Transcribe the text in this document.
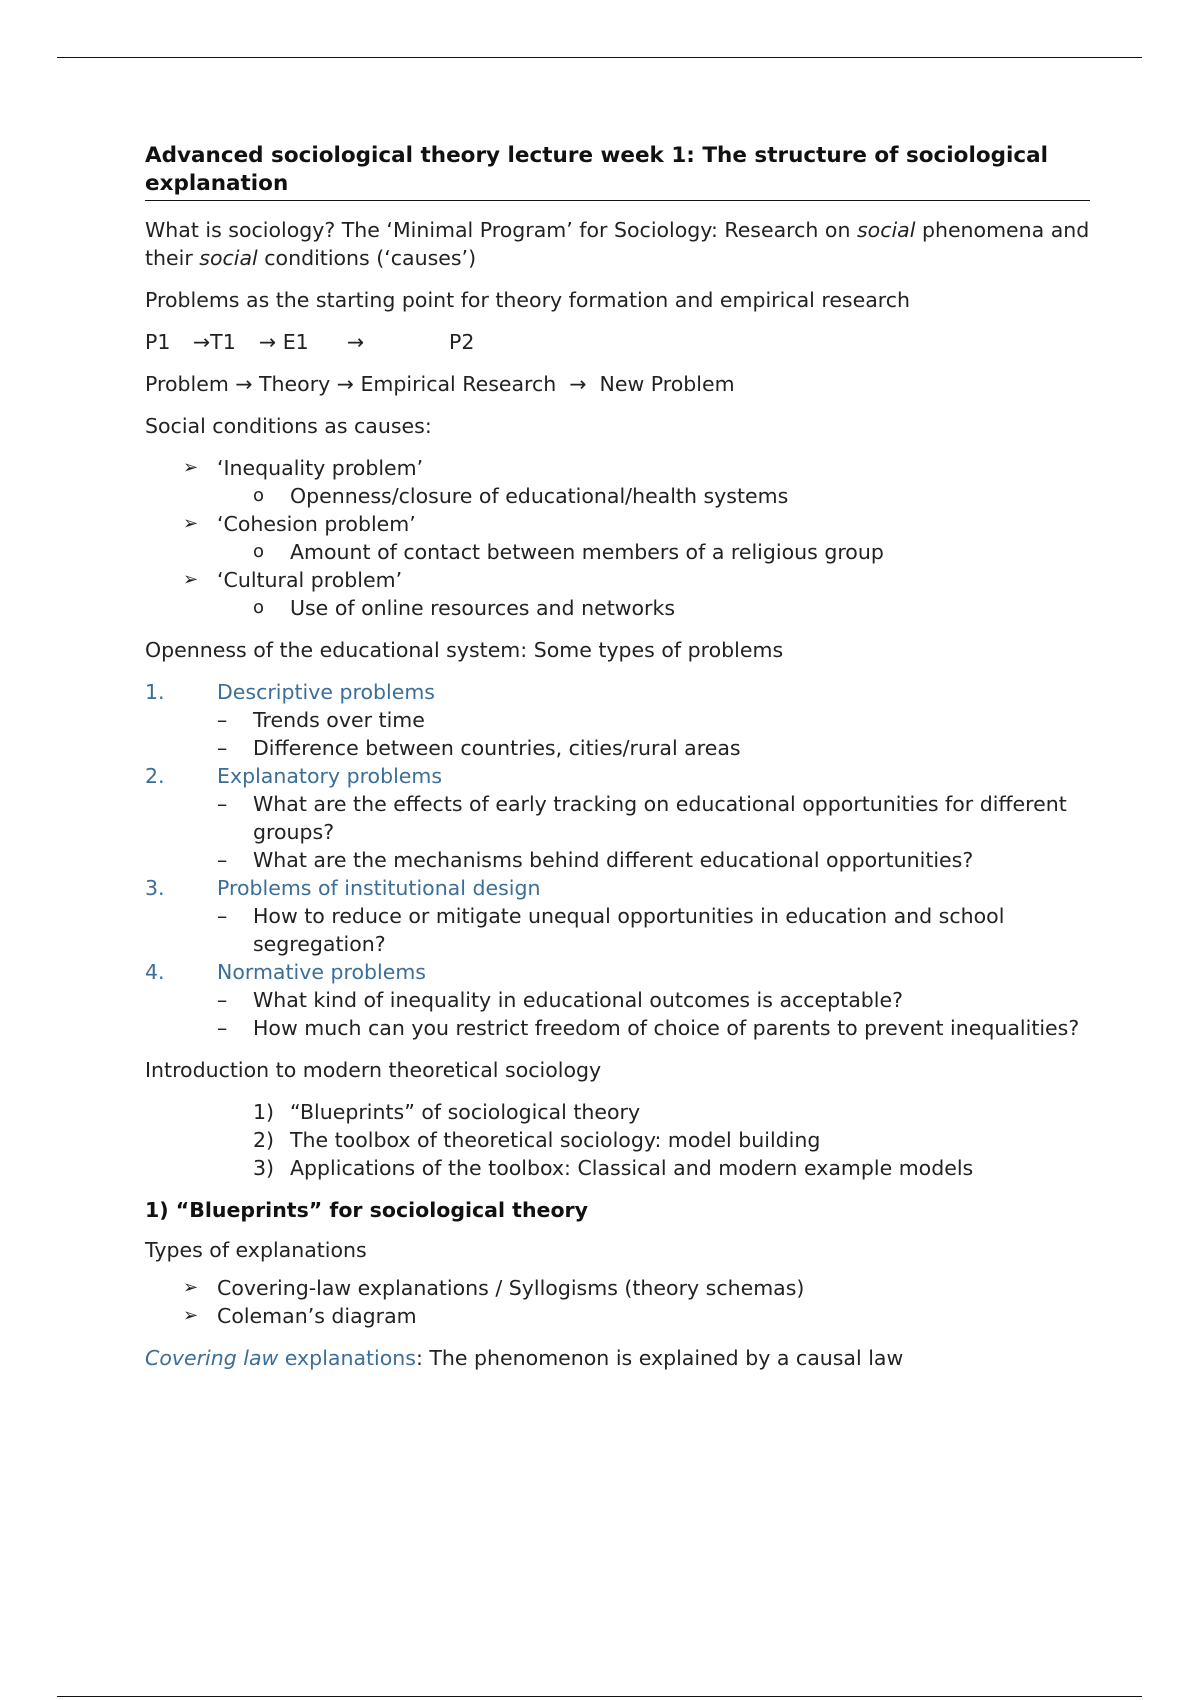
Advanced sociological theory lecture week 1: The structure of sociological explanation

What is sociology? The ‘Minimal Program’ for Sociology: Research on social phenomena and their social conditions (‘causes’)

Problems as the starting point for theory formation and empirical research

P1 →T1 → E1 →	P2

Problem → Theory → Empirical Research  →  New Problem

Social conditions as causes:

➢ ‘Inequality problem’
o Openness/closure of educational/health systems
➢ ‘Cohesion problem’
o Amount of contact between members of a religious group
➢ ‘Cultural problem’
o Use of online resources and networks

Openness of the educational system: Some types of problems

1.	Descriptive problems
– Trends over time
– Difference between countries, cities/rural areas
2.	Explanatory problems
– What are the effects of early tracking on educational opportunities for different groups?
– What are the mechanisms behind different educational opportunities?
3.	Problems of institutional design
– How to reduce or mitigate unequal opportunities in education and school segregation?
4.	Normative problems
– What kind of inequality in educational outcomes is acceptable?
– How much can you restrict freedom of choice of parents to prevent inequalities?

Introduction to modern theoretical sociology

1) “Blueprints” of sociological theory
2) The toolbox of theoretical sociology: model building
3) Applications of the toolbox: Classical and modern example models
1) “Blueprints” for sociological theory

Types of explanations

➢ Covering-law explanations / Syllogisms (theory schemas)
➢ Coleman’s diagram

Covering law explanations: The phenomenon is explained by a causal law
